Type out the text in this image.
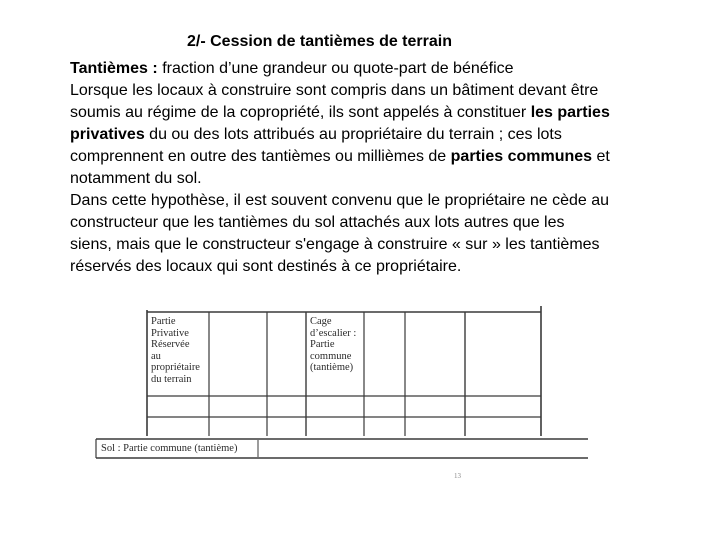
2/- Cession de tantièmes de terrain

Tantièmes : fraction d’une grandeur ou quote-part de bénéfice

Lorsque les locaux à construire sont compris dans un bâtiment devant être
soumis au régime de la copropriété, ils sont appelés à constituer les parties
privatives du ou des lots attribués au propriétaire du terrain ; ces lots
comprennent en outre des tantièmes ou millièmes de parties communes et
notamment du sol.

Dans cette hypothèse, il est souvent convenu que le propriétaire ne cède au
constructeur que les tantièmes du sol attachés aux lots autres que les
siens, mais que le constructeur s'engage à construire « sur » les tantièmes
réservés des locaux qui sont destinés à ce propriétaire.

Partie
Privative
Réservée
au
propriétaire
du terrain
Cage
d’escalier :
Partie
commune
(tantième)
Sol : Partie commune (tantième)
13
